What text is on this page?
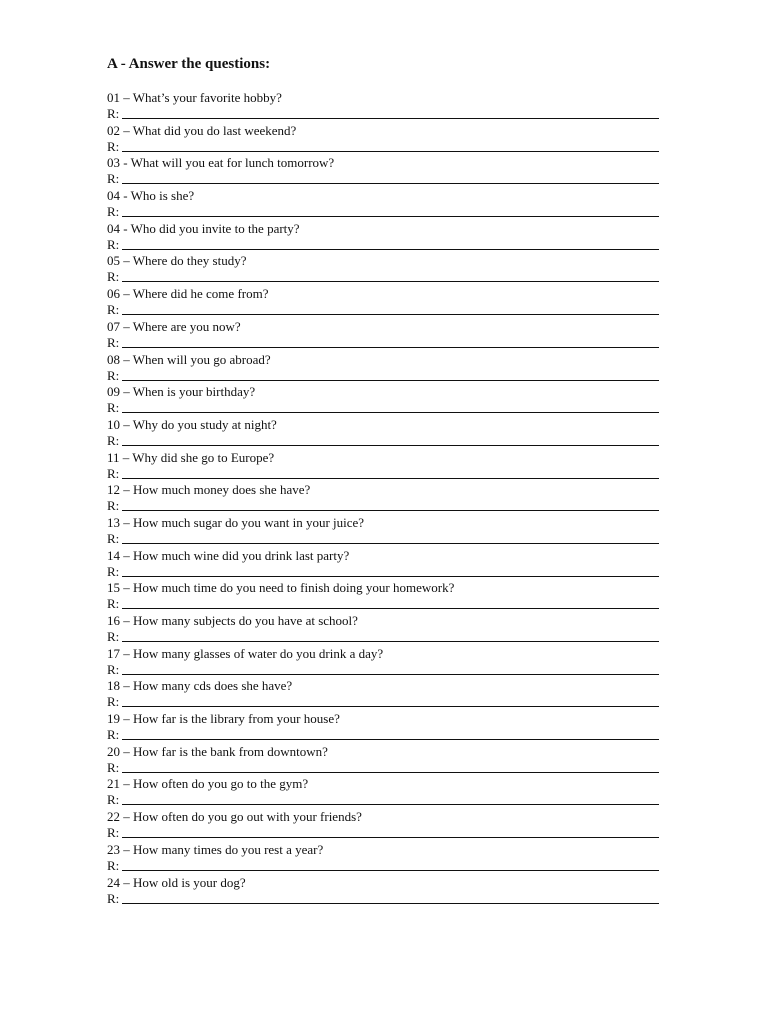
A - Answer the questions:
01 – What’s your favorite hobby?
R:
02 – What did you do last weekend?
R:
03 - What will you eat for lunch tomorrow?
R:
04 - Who is she?
R:
04 - Who did you invite to the party?
R:
05 – Where do they study?
R:
06 – Where did he come from?
R:
07 – Where are you now?
R:
08 – When will you go abroad?
R:
09 – When is your birthday?
R:
10 – Why do you study at night?
R:
11 – Why did she go to Europe?
R:
12 – How much money does she have?
R:
13 – How much sugar do you want in your juice?
R:
14 – How much wine did you drink last party?
R:
15 – How much time do you need to finish doing your homework?
R:
16 – How many subjects do you have at school?
R:
17 – How many glasses of water do you drink a day?
R:
18 – How many cds does she have?
R:
19 – How far is the library from your house?
R:
20 – How far is the bank from downtown?
R:
21 – How often do you go to the gym?
R:
22 – How often do you go out with your friends?
R:
23 – How many times do you rest a year?
R:
24 – How old is your dog?
R:
